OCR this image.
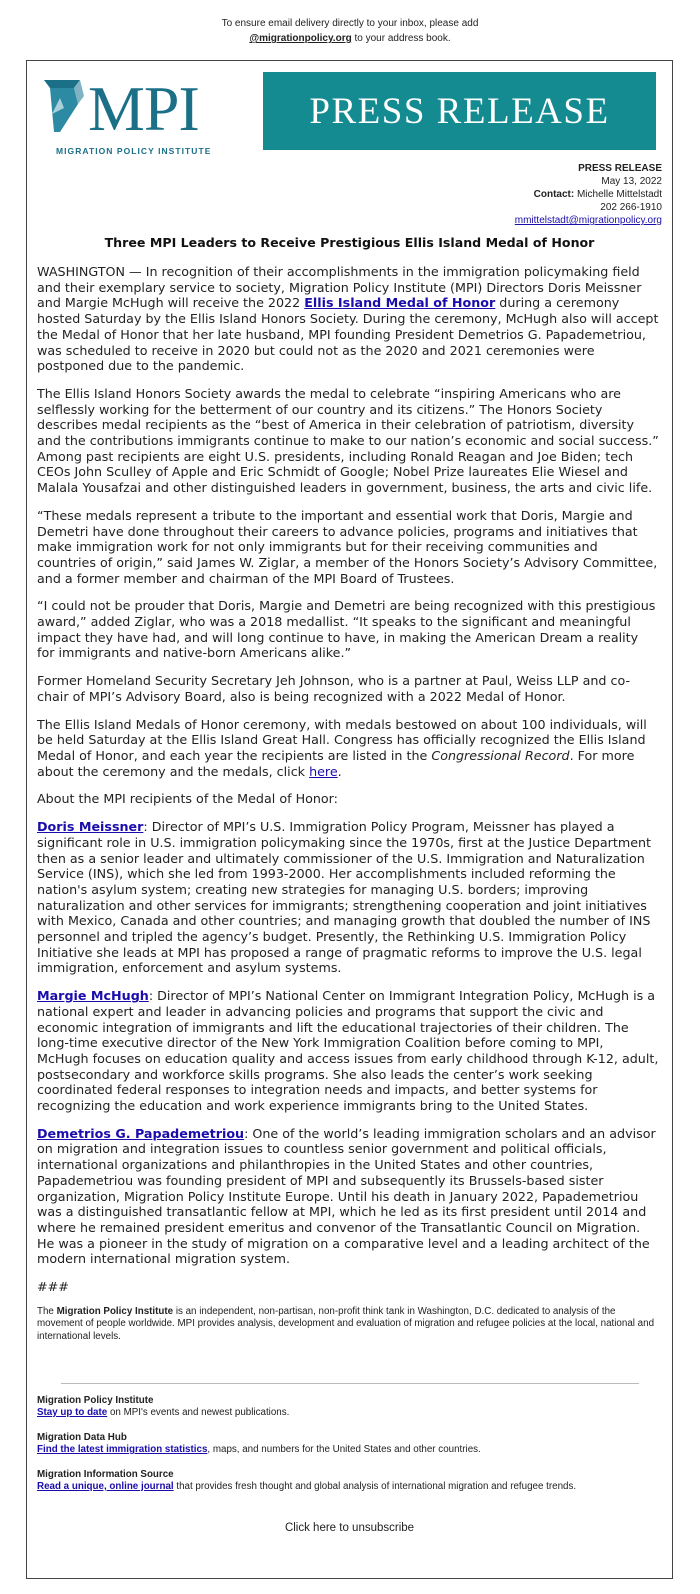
To ensure email delivery directly to your inbox, please add
@migrationpolicy.org to your address book.
MPI
MIGRATION POLICY INSTITUTE
PRESS RELEASE
PRESS RELEASE
May 13, 2022
Contact: Michelle Mittelstadt
202 266-1910
mmittelstadt@migrationpolicy.org
Three MPI Leaders to Receive Prestigious Ellis Island Medal of Honor

WASHINGTON — In recognition of their accomplishments in the immigration policymaking field and their exemplary service to society, Migration Policy Institute (MPI) Directors Doris Meissner and Margie McHugh will receive the 2022 Ellis Island Medal of Honor during a ceremony hosted Saturday by the Ellis Island Honors Society. During the ceremony, McHugh also will accept the Medal of Honor that her late husband, MPI founding President Demetrios G. Papademetriou, was scheduled to receive in 2020 but could not as the 2020 and 2021 ceremonies were postponed due to the pandemic.

The Ellis Island Honors Society awards the medal to celebrate “inspiring Americans who are selflessly working for the betterment of our country and its citizens.” The Honors Society describes medal recipients as the “best of America in their celebration of patriotism, diversity and the contributions immigrants continue to make to our nation’s economic and social success.” Among past recipients are eight U.S. presidents, including Ronald Reagan and Joe Biden; tech CEOs John Sculley of Apple and Eric Schmidt of Google; Nobel Prize laureates Elie Wiesel and Malala Yousafzai and other distinguished leaders in government, business, the arts and civic life.

“These medals represent a tribute to the important and essential work that Doris, Margie and Demetri have done throughout their careers to advance policies, programs and initiatives that make immigration work for not only immigrants but for their receiving communities and countries of origin,” said James W. Ziglar, a member of the Honors Society’s Advisory Committee, and a former member and chairman of the MPI Board of Trustees.

“I could not be prouder that Doris, Margie and Demetri are being recognized with this prestigious award,” added Ziglar, who was a 2018 medallist. “It speaks to the significant and meaningful impact they have had, and will long continue to have, in making the American Dream a reality for immigrants and native-born Americans alike.”

Former Homeland Security Secretary Jeh Johnson, who is a partner at Paul, Weiss LLP and co-chair of MPI’s Advisory Board, also is being recognized with a 2022 Medal of Honor.

The Ellis Island Medals of Honor ceremony, with medals bestowed on about 100 individuals, will be held Saturday at the Ellis Island Great Hall. Congress has officially recognized the Ellis Island Medal of Honor, and each year the recipients are listed in the Congressional Record. For more about the ceremony and the medals, click here.

About the MPI recipients of the Medal of Honor:

Doris Meissner: Director of MPI’s U.S. Immigration Policy Program, Meissner has played a significant role in U.S. immigration policymaking since the 1970s, first at the Justice Department then as a senior leader and ultimately commissioner of the U.S. Immigration and Naturalization Service (INS), which she led from 1993-2000. Her accomplishments included reforming the nation's asylum system; creating new strategies for managing U.S. borders; improving naturalization and other services for immigrants; strengthening cooperation and joint initiatives with Mexico, Canada and other countries; and managing growth that doubled the number of INS personnel and tripled the agency’s budget. Presently, the Rethinking U.S. Immigration Policy Initiative she leads at MPI has proposed a range of pragmatic reforms to improve the U.S. legal immigration, enforcement and asylum systems.

Margie McHugh: Director of MPI’s National Center on Immigrant Integration Policy, McHugh is a national expert and leader in advancing policies and programs that support the civic and economic integration of immigrants and lift the educational trajectories of their children. The long-time executive director of the New York Immigration Coalition before coming to MPI, McHugh focuses on education quality and access issues from early childhood through K-12, adult, postsecondary and workforce skills programs. She also leads the center’s work seeking coordinated federal responses to integration needs and impacts, and better systems for recognizing the education and work experience immigrants bring to the United States.

Demetrios G. Papademetriou: One of the world’s leading immigration scholars and an advisor on migration and integration issues to countless senior government and political officials, international organizations and philanthropies in the United States and other countries, Papademetriou was founding president of MPI and subsequently its Brussels-based sister organization, Migration Policy Institute Europe. Until his death in January 2022, Papademetriou was a distinguished transatlantic fellow at MPI, which he led as its first president until 2014 and where he remained president emeritus and convenor of the Transatlantic Council on Migration. He was a pioneer in the study of migration on a comparative level and a leading architect of the modern international migration system.

###

The Migration Policy Institute is an independent, non-partisan, non-profit think tank in Washington, D.C. dedicated to analysis of the movement of people worldwide. MPI provides analysis, development and evaluation of migration and refugee policies at the local, national and international levels.

Migration Policy Institute
Stay up to date on MPI's events and newest publications.
Migration Data Hub
Find the latest immigration statistics, maps, and numbers for the United States and other countries.
Migration Information Source
Read a unique, online journal that provides fresh thought and global analysis of international migration and refugee trends.
Click here to unsubscribe
